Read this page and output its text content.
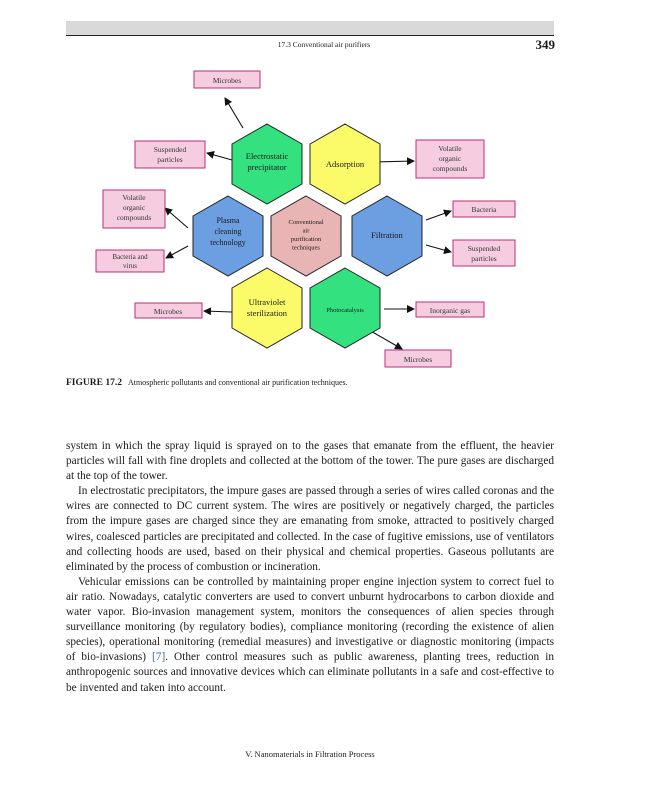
17.3 Conventional air purifiers	349
Electrostatic precipitator	Adsorption
Plasma cleaning technology
Conventional air purification techniques
Filtration
Ultraviolet sterilization	Photocatalysis
Microbes
Suspended particles
Volatile organic compounds
Volatile organic compounds
Bacteria and virus
Bacteria
Suspended particles
Microbes	Inorganic gas
Microbes
FIGURE 17.2 Atmospheric pollutants and conventional air purification techniques.

system in which the spray liquid is sprayed on to the gases that emanate from the effluent, the heavier particles will fall with fine droplets and collected at the bottom of the tower. The pure gases are discharged at the top of the tower.

In electrostatic precipitators, the impure gases are passed through a series of wires called coronas and the wires are connected to DC current system. The wires are positively or negatively charged, the particles from the impure gases are charged since they are emanating from smoke, attracted to positively charged wires, coalesced particles are precipitated and collected. In the case of fugitive emissions, use of ventilators and collecting hoods are used, based on their physical and chemical properties. Gaseous pollutants are eliminated by the process of combustion or incineration.

Vehicular emissions can be controlled by maintaining proper engine injection system to correct fuel to air ratio. Nowadays, catalytic converters are used to convert unburnt hydrocarbons to carbon dioxide and water vapor. Bio-invasion management system, monitors the consequences of alien species through surveillance monitoring (by regulatory bodies), compliance monitoring (recording the existence of alien species), operational monitoring (remedial measures) and investigative or diagnostic monitoring (impacts of bio-invasions) [7]. Other control measures such as public awareness, planting trees, reduction in anthropogenic sources and innovative devices which can eliminate pollutants in a safe and cost-effective to be invented and taken into account.

V. Nanomaterials in Filtration Process
